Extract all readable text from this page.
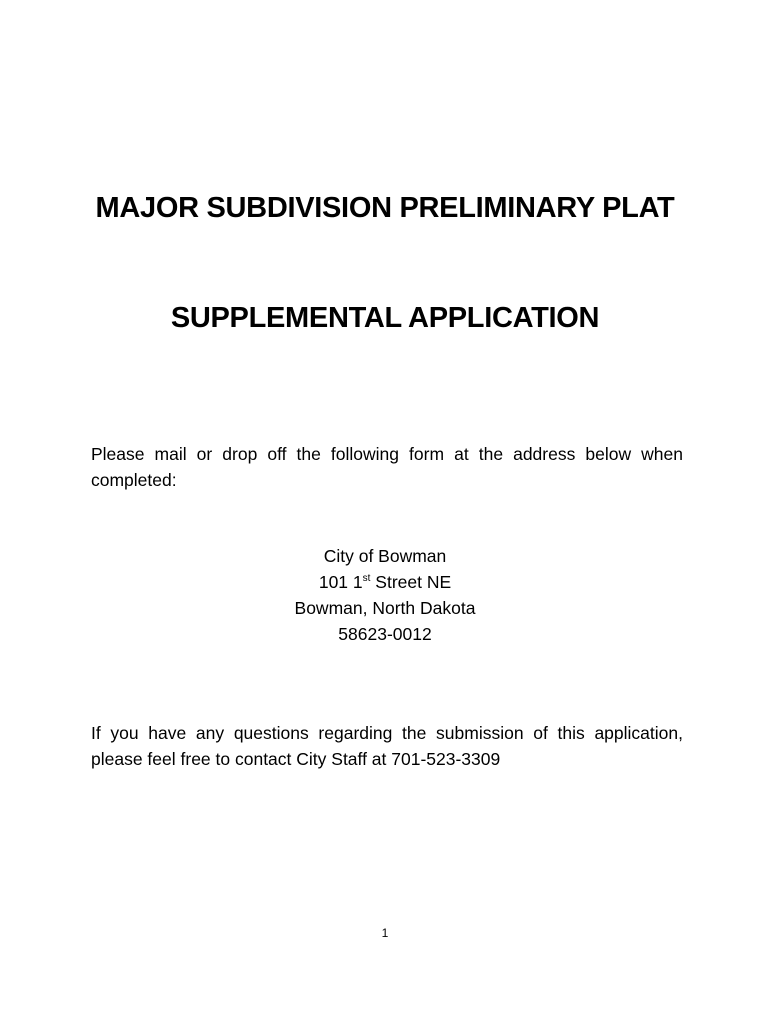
MAJOR SUBDIVISION PRELIMINARY PLAT
SUPPLEMENTAL APPLICATION

Please mail or drop off the following form at the address below when completed:

City of Bowman
101 1st Street NE
Bowman, North Dakota
58623-0012

If you have any questions regarding the submission of this application, please feel free to contact City Staff at 701-523-3309

1
